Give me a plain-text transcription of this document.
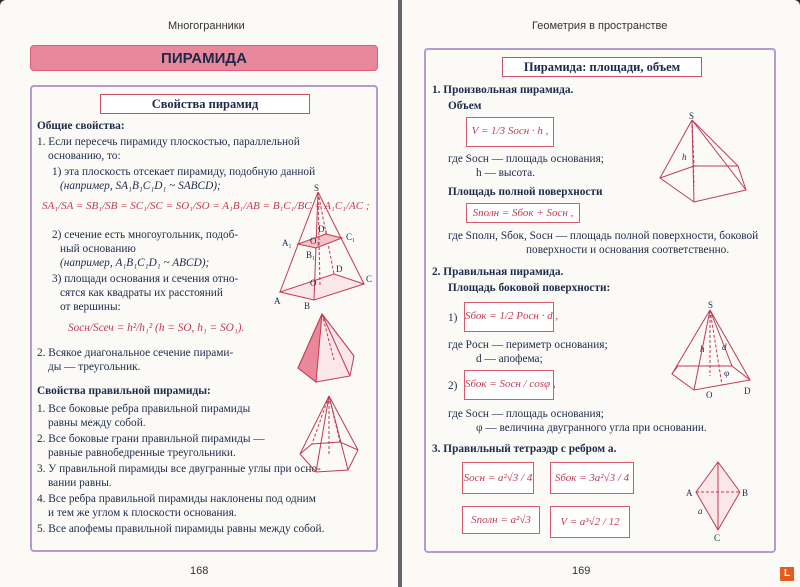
Многогранники
ПИРАМИДА
Свойства пирамид
Общие свойства:
1. Если пересечь пирамиду плоскостью, параллельной
основанию, то:
1) эта плоскость отсекает пирамиду, подобную данной
(например, SA₁B₁C₁D₁ ~ SABCD);
SA₁/SA = SB₁/SB = SC₁/SC = SO₁/SO = A₁B₁/AB = B₁C₁/BC = A₁C₁/AC ;
2) сечение есть многоугольник, подоб-
ный основанию
(например, A₁B₁C₁D₁ ~ ABCD);
3) площади основания и сечения отно-
сятся как квадраты их расстояний
от вершины:
Sосн/Sсеч = h²/h₁² (h = SO, h₁ = SO₁).
2. Всякое диагональное сечение пирами-
ды — треугольник.
Свойства правильной пирамиды:
1. Все боковые ребра правильной пирамиды
равны между собой.
2. Все боковые грани правильной пирамиды —
равные равнобедренные треугольники.
3. У правильной пирамиды все двугранные углы при осно-
вании равны.
4. Все ребра правильной пирамиды наклонены под одним
и тем же углом к плоскости основания.
5. Все апофемы правильной пирамиды равны между собой.
S
A₁
B₁
C₁
D₁
O₁
O
A	B
C
D
168
Геометрия в пространстве
Пирамида: площади, объем
1. Произвольная пирамида.
Объем
V = 1/3 Sосн · h ,
где Sосн — площадь основания;
h — высота.
Площадь полной поверхности
Sполн = Sбок + Sосн ,
где Sполн, Sбок, Sосн — площадь полной поверхности, боковой
поверхности и основания соответственно.
2. Правильная пирамида.
Площадь боковой поверхности:
1) Sбок = 1/2 Pосн · d ,
где Pосн — периметр основания;
d — апофема;
2) Sбок = Sосн / cosφ ,
где Sосн — площадь основания;
φ — величина двугранного угла при основании.
3. Правильный тетраэдр с ребром a.
Sосн = a²√3 / 4	Sбок = 3a²√3 / 4
Sполн = a²√3	V = a³√2 / 12
S
h
S
h d
φ
O	D
A	B
C
a
169	L
